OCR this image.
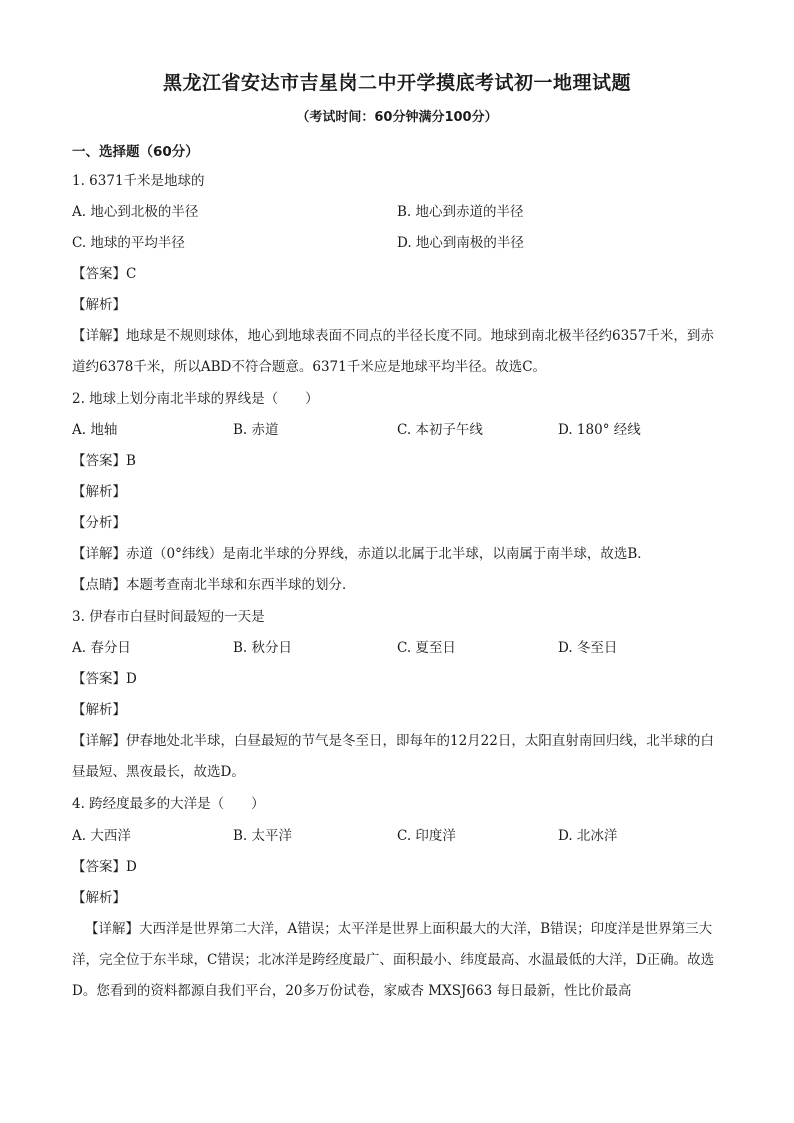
黑龙江省安达市吉星岗二中开学摸底考试初一地理试题
（考试时间：60分钟满分100分）
一、选择题（60分）
1. 6371千米是地球的
A. 地心到北极的半径	B. 地心到赤道的半径
C. 地球的平均半径	D. 地心到南极的半径
【答案】C
【解析】
【详解】地球是不规则球体，地心到地球表面不同点的半径长度不同。地球到南北极半径约6357千米，到赤道约6378千米，所以ABD不符合题意。6371千米应是地球平均半径。故选C。
2. 地球上划分南北半球的界线是（　　）
A. 地轴	B. 赤道	C. 本初子午线	D. 180° 经线
【答案】B
【解析】
【分析】
【详解】赤道（0°纬线）是南北半球的分界线，赤道以北属于北半球，以南属于南半球，故选B．
【点睛】本题考查南北半球和东西半球的划分．
3. 伊春市白昼时间最短的一天是
A. 春分日	B. 秋分日	C. 夏至日	D. 冬至日
【答案】D
【解析】
【详解】伊春地处北半球，白昼最短的节气是冬至日，即每年的12月22日，太阳直射南回归线，北半球的白昼最短、黑夜最长，故选D。
4. 跨经度最多的大洋是（　　）
A. 大西洋	B. 太平洋	C. 印度洋	D. 北冰洋
【答案】D
【解析】
【详解】大西洋是世界第二大洋，A错误；太平洋是世界上面积最大的大洋，B错误；印度洋是世界第三大洋，完全位于东半球，C错误；北冰洋是跨经度最广、面积最小、纬度最高、水温最低的大洋，D正确。故选D。您看到的资料都源自我们平台，20多万份试卷，家威杏 MXSJ663 每日最新，性比价最高
